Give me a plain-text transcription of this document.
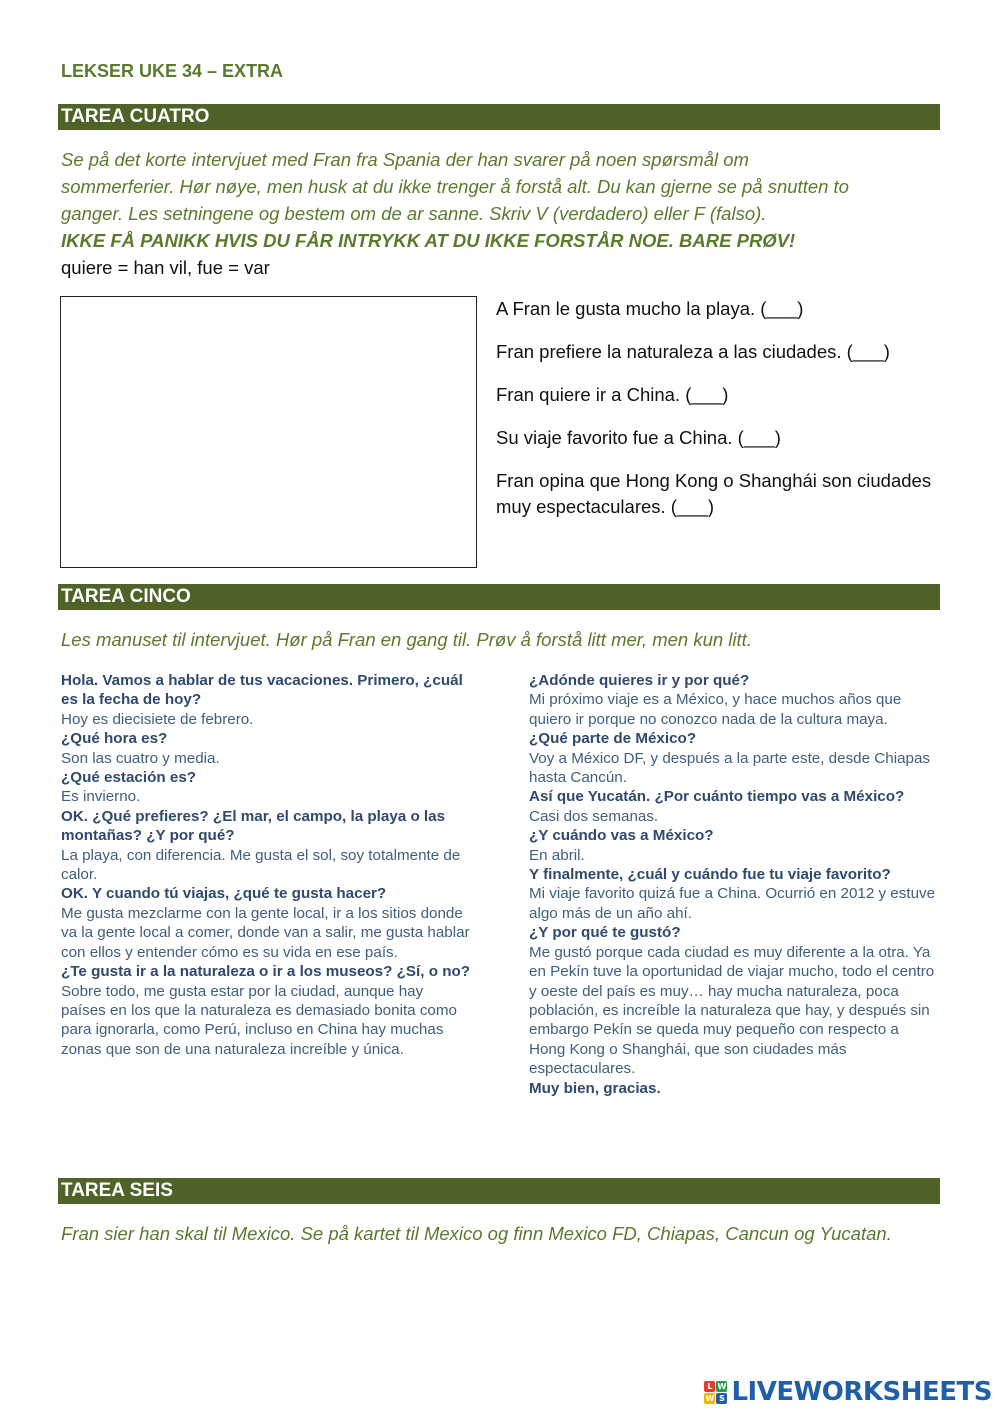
LEKSER UKE 34 – EXTRA
TAREA CUATRO

Se på det korte intervjuet med Fran fra Spania der han svarer på noen spørsmål om

sommerferier. Hør nøye, men husk at du ikke trenger å forstå alt. Du kan gjerne se på snutten to

ganger. Les setningene og bestem om de ar sanne. Skriv V (verdadero) eller F (falso).

IKKE FÅ PANIKK HVIS DU FÅR INTRYKK AT DU IKKE FORSTÅR NOE. BARE PRØV!

quiere = han vil, fue = var

A Fran le gusta mucho la playa. (___)

Fran prefiere la naturaleza a las ciudades. (___)

Fran quiere ir a China. (___)

Su viaje favorito fue a China. (___)

Fran opina que Hong Kong o Shanghái son ciudades muy espectaculares. (___)

TAREA CINCO
Les manuset til intervjuet. Hør på Fran en gang til. Prøv å forstå litt mer, men kun litt.
Hola. Vamos a hablar de tus vacaciones. Primero, ¿cuál es la fecha de hoy?
Hoy es diecisiete de febrero.
¿Qué hora es?
Son las cuatro y media.
¿Qué estación es?
Es invierno.
OK. ¿Qué prefieres? ¿El mar, el campo, la playa o las montañas? ¿Y por qué?
La playa, con diferencia. Me gusta el sol, soy totalmente de calor.
OK. Y cuando tú viajas, ¿qué te gusta hacer?
Me gusta mezclarme con la gente local, ir a los sitios donde va la gente local a comer, donde van a salir, me gusta hablar con ellos y entender cómo es su vida en ese país.
¿Te gusta ir a la naturaleza o ir a los museos? ¿Sí, o no?
Sobre todo, me gusta estar por la ciudad, aunque hay países en los que la naturaleza es demasiado bonita como para ignorarla, como Perú, incluso en China hay muchas zonas que son de una naturaleza increíble y única.
¿Adónde quieres ir y por qué?
Mi próximo viaje es a México, y hace muchos años que quiero ir porque no conozco nada de la cultura maya.
¿Qué parte de México?
Voy a México DF, y después a la parte este, desde Chiapas hasta Cancún.
Así que Yucatán. ¿Por cuánto tiempo vas a México?
Casi dos semanas.
¿Y cuándo vas a México?
En abril.
Y finalmente, ¿cuál y cuándo fue tu viaje favorito?
Mi viaje favorito quizá fue a China. Ocurrió en 2012 y estuve algo más de un año ahí.
¿Y por qué te gustó?
Me gustó porque cada ciudad es muy diferente a la otra. Ya en Pekín tuve la oportunidad de viajar mucho, todo el centro y oeste del país es muy… hay mucha naturaleza, poca población, es increíble la naturaleza que hay, y después sin embargo Pekín se queda muy pequeño con respecto a Hong Kong o Shanghái, que son ciudades más espectaculares.
Muy bien, gracias.
TAREA SEIS
Fran sier han skal til Mexico. Se på kartet til Mexico og finn Mexico FD, Chiapas, Cancun og Yucatan.
L W
W S LIVEWORKSHEETS
